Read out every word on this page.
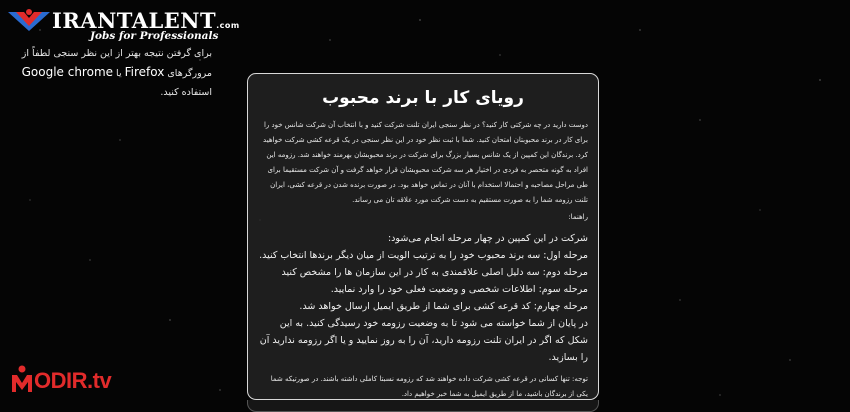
IRANTALENT.com
Jobs for Professionals
برای گرفتن نتیجه بهتر از این نظر سنجی لطفاً از مرورگرهای Firefox یا Google chrome استفاده کنید.
ODIR.tv
رویای کار با برند محبوب

دوست دارید در چه شرکتی کار کنید؟ در نظر سنجی ایران تلنت شرکت کنید و با انتخاب آن شرکت شانس خود را برای کار در برند محبوبتان امتحان کنید. شما با ثبت نظر خود در این نظر سنجی در یک قرعه کشی شرکت خواهید کرد. برندگان این کمپین از یک شانس بسیار بزرگ برای شرکت در برند محبوبشان بهرمند خواهند شد. رزومه این افراد به گونه متحصر به فردی در اختیار هر سه شرکت محبوبشان قرار خواهد گرفت و آن شرکت مستقیما برای طی مراحل مصاحبه و احتمالا استخدام با آنان در تماس خواهد بود. در صورت برنده شدن در قرعه کشی، ایران تلنت رزومه شما را به صورت مستقیم به دست شرکت مورد علاقه تان می رساند.

راهنما:

شرکت در این کمپین در چهار مرحله انجام می‌شود:

مرحله اول: سه برند محبوب خود را به ترتیب الویت از میان دیگر برندها انتخاب کنید.

مرحله دوم: سه دلیل اصلی علاقمندی به کار در این سازمان ها را مشخص کنید

مرحله سوم: اطلاعات شخصی و وضعیت فعلی خود را وارد نمایید.

مرحله چهارم: کد قرعه کشی برای شما از طریق ایمیل ارسال خواهد شد.

در پایان از شما خواسته می شود تا به وضعیت رزومه خود رسیدگی کنید. به این شکل که اگر در ایران تلنت رزومه دارید، آن را به روز نمایید و یا اگر رزومه ندارید آن را بسازید.

توجه: تنها کسانی در قرعه کشی شرکت داده خواهند شد که رزومه نسبتا کاملی داشته باشند. در صورتیکه شما یکی از برندگان باشید، ما از طریق ایمیل به شما خبر خواهیم داد.
